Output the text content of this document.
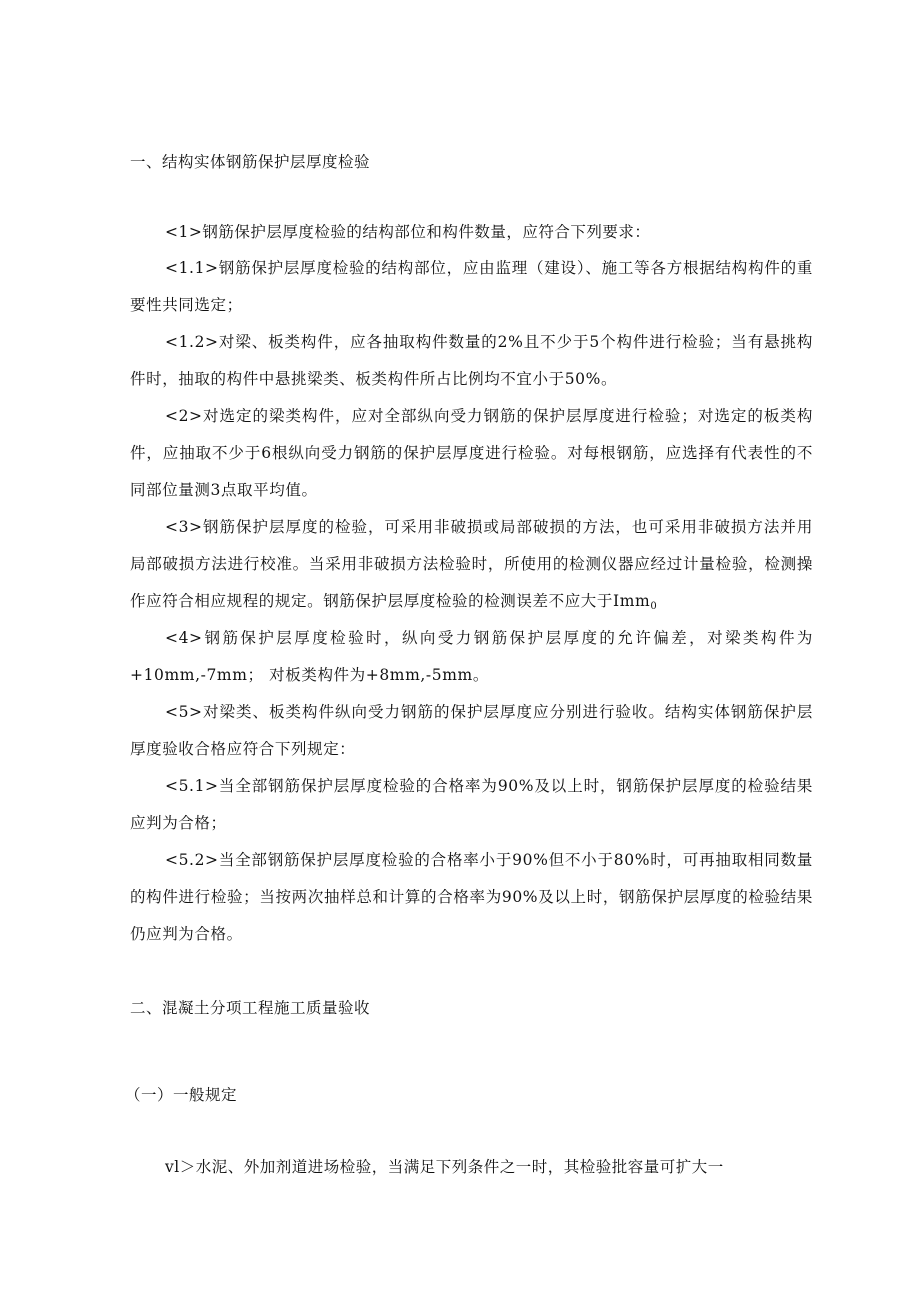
一、结构实体钢筋保护层厚度检验
<1>钢筋保护层厚度检验的结构部位和构件数量，应符合下列要求：
<1.1>钢筋保护层厚度检验的结构部位，应由监理（建设）、施工等各方根据结构构件的重要性共同选定；
<1.2>对梁、板类构件，应各抽取构件数量的2%且不少于5个构件进行检验；当有悬挑构件时，抽取的构件中悬挑梁类、板类构件所占比例均不宜小于50%。
<2>对选定的梁类构件，应对全部纵向受力钢筋的保护层厚度进行检验；对选定的板类构件，应抽取不少于6根纵向受力钢筋的保护层厚度进行检验。对每根钢筋，应选择有代表性的不同部位量测3点取平均值。
<3>钢筋保护层厚度的检验，可采用非破损或局部破损的方法，也可采用非破损方法并用局部破损方法进行校准。当采用非破损方法检验时，所使用的检测仪器应经过计量检验，检测操作应符合相应规程的规定。钢筋保护层厚度检验的检测误差不应大于Imm$_0$
<4>钢筋保护层厚度检验时，纵向受力钢筋保护层厚度的允许偏差，对梁类构件为+10mm,-7mm； 对板类构件为+8mm,-5mm。
<5>对梁类、板类构件纵向受力钢筋的保护层厚度应分别进行验收。结构实体钢筋保护层厚度验收合格应符合下列规定：
<5.1>当全部钢筋保护层厚度检验的合格率为90%及以上时，钢筋保护层厚度的检验结果应判为合格；
<5.2>当全部钢筋保护层厚度检验的合格率小于90%但不小于80%时，可再抽取相同数量的构件进行检验；当按两次抽样总和计算的合格率为90%及以上时，钢筋保护层厚度的检验结果仍应判为合格。
二、混凝土分项工程施工质量验收
（一）一般规定
vl＞水泥、外加剂道进场检验，当满足下列条件之一时，其检验批容量可扩大一
